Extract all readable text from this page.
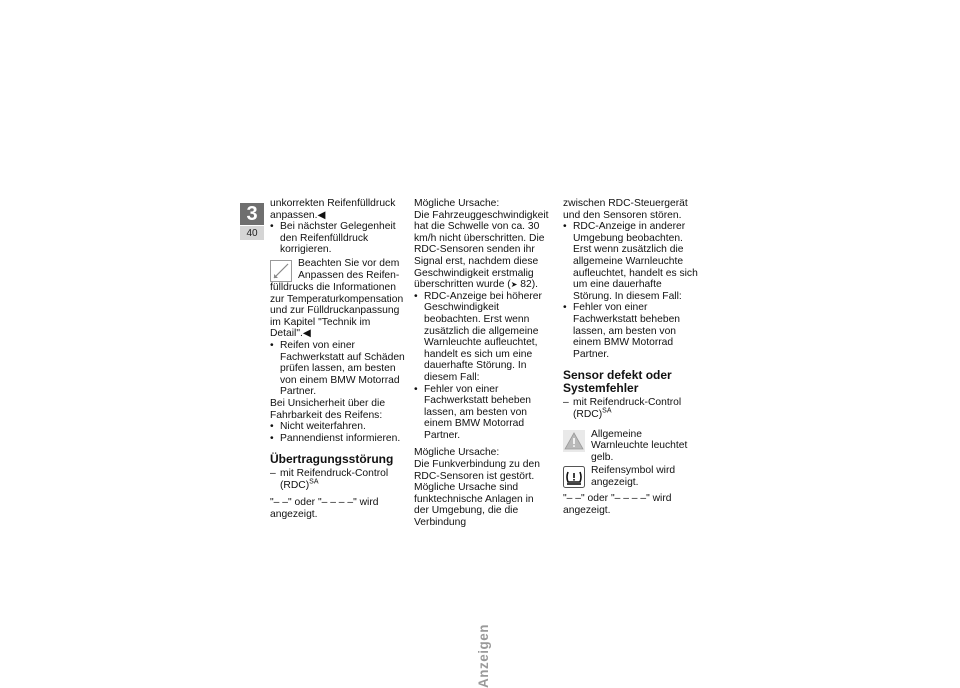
3
40
Anzeigen

unkorrekten Reifenfülldruck anpassen.◀

• Bei nächster Gelegenheit den Reifenfülldruck korrigieren.

Beachten Sie vor dem Anpassen des Reifen-

fülldrucks die Informationen zur Temperaturkompensation und zur Fülldruckanpassung im Kapitel "Technik im Detail".◀

• Reifen von einer Fachwerkstatt auf Schäden prüfen lassen, am besten von einem BMW Motorrad Partner.

Bei Unsicherheit über die Fahrbarkeit des Reifens:

• Nicht weiterfahren.

• Pannendienst informieren.

Übertragungsstörung

‒ mit Reifendruck-Control (RDC)$^{SA}$

"‒ ‒" oder "‒ ‒ ‒ ‒" wird angezeigt.

Mögliche Ursache:

Die Fahrzeuggeschwindigkeit hat die Schwelle von ca. 30 km/h nicht überschritten. Die RDC-Sensoren senden ihr Signal erst, nachdem diese Geschwindigkeit erstmalig überschritten wurde (➤ 82).

• RDC-Anzeige bei höherer Geschwindigkeit beobachten. Erst wenn zusätzlich die allgemeine Warnleuchte aufleuchtet, handelt es sich um eine dauerhafte Störung. In diesem Fall:

• Fehler von einer Fachwerkstatt beheben lassen, am besten von einem BMW Motorrad Partner.

Mögliche Ursache:

Die Funkverbindung zu den RDC-Sensoren ist gestört. Mögliche Ursache sind funktechnische Anlagen in der Umgebung, die die Verbindung

zwischen RDC-Steuergerät und den Sensoren stören.

• RDC-Anzeige in anderer Umgebung beobachten. Erst wenn zusätzlich die allgemeine Warnleuchte aufleuchtet, handelt es sich um eine dauerhafte Störung. In diesem Fall:

• Fehler von einer Fachwerkstatt beheben lassen, am besten von einem BMW Motorrad Partner.

Sensor defekt oder Systemfehler

‒ mit Reifendruck-Control (RDC)$^{SA}$

Allgemeine Warnleuchte leuchtet gelb.

Reifensymbol wird angezeigt.

"‒ ‒" oder "‒ ‒ ‒ ‒" wird angezeigt.
